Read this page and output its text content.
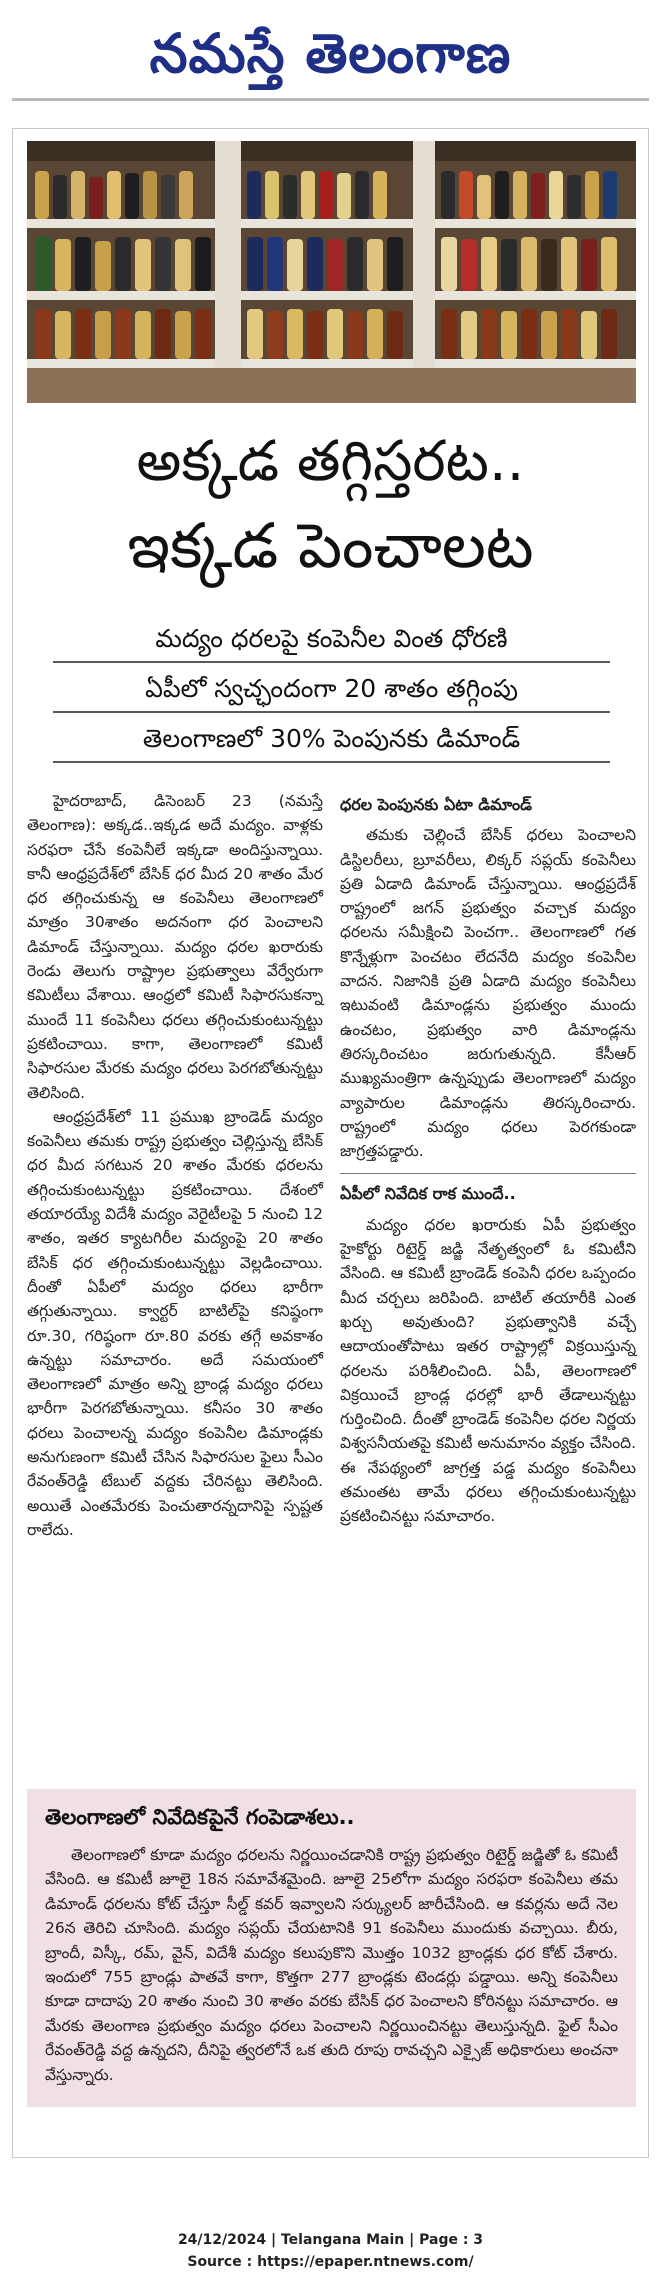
నమస్తే తెలంగాణ
అక్కడ తగ్గిస్తరట..
ఇక్కడ పెంచాలట
మద్యం ధరలపై కంపెనీల వింత ధోరణి
ఏపీలో స్వచ్ఛందంగా 20 శాతం తగ్గింపు
తెలంగాణలో 30% పెంపునకు డిమాండ్

హైదరాబాద్, డిసెంబర్ 23 (నమస్తే తెలంగాణ): అక్కడ..ఇక్కడ అదే మద్యం. వాళ్లకు సరఫరా చేసే కంపెనీలే ఇక్కడా అందిస్తున్నాయి. కానీ ఆంధ్రప్రదేశ్‌లో బేసిక్ ధర మీద 20 శాతం మేర ధర తగ్గించుకున్న ఆ కంపెనీలు తెలంగాణలో మాత్రం 30శాతం అదనంగా ధర పెంచాలని డిమాండ్ చేస్తున్నాయి. మద్యం ధరల ఖరారుకు రెండు తెలుగు రాష్ట్రాల ప్రభుత్వాలు వేర్వేరుగా కమిటీలు వేశాయి. ఆంధ్రలో కమిటీ సిఫారసుకన్నా ముందే 11 కంపెనీలు ధరలు తగ్గించుకుంటున్నట్టు ప్రకటించాయి. కాగా, తెలంగాణలో కమిటీ సిఫారసుల మేరకు మద్యం ధరలు పెరగబోతున్నట్టు తెలిసింది.

ఆంధ్రప్రదేశ్‌లో 11 ప్రముఖ బ్రాండెడ్ మద్యం కంపెనీలు తమకు రాష్ట్ర ప్రభుత్వం చెల్లిస్తున్న బేసిక్ ధర మీద సగటున 20 శాతం మేరకు ధరలను తగ్గించుకుంటున్నట్టు ప్రకటించాయి. దేశంలో తయారయ్యే విదేశీ మద్యం వెరైటీలపై 5 నుంచి 12 శాతం, ఇతర క్యాటగిరీల మద్యంపై 20 శాతం బేసిక్ ధర తగ్గించుకుంటున్నట్టు వెల్లడించాయి. దీంతో ఏపీలో మద్యం ధరలు భారీగా తగ్గుతున్నాయి. క్వార్టర్ బాటిల్‌పై కనిష్ఠంగా రూ.30, గరిష్ఠంగా రూ.80 వరకు తగ్గే అవకాశం ఉన్నట్టు సమాచారం. అదే సమయంలో తెలంగాణలో మాత్రం అన్ని బ్రాండ్ల మద్యం ధరలు భారీగా పెరగబోతున్నాయి. కనీసం 30 శాతం ధరలు పెంచాలన్న మద్యం కంపెనీల డిమాండ్లకు అనుగుణంగా కమిటీ చేసిన సిఫారసుల ఫైలు సీఎం రేవంత్‌రెడ్డి టేబుల్ వద్దకు చేరినట్టు తెలిసింది. అయితే ఎంతమేరకు పెంచుతారన్నదానిపై స్పష్టత రాలేదు.

ధరల పెంపునకు ఏటా డిమాండ్

తమకు చెల్లించే బేసిక్ ధరలు పెంచాలని డిస్టిలరీలు, బ్రూవరీలు, లిక్కర్ సప్లయ్ కంపెనీలు ప్రతి ఏడాది డిమాండ్ చేస్తున్నాయి. ఆంధ్రప్రదేశ్ రాష్ట్రంలో జగన్ ప్రభుత్వం వచ్చాక మద్యం ధరలను సమీక్షించి పెంచగా.. తెలంగాణలో గత కొన్నేళ్లుగా పెంచటం లేదనేది మద్యం కంపెనీల వాదన. నిజానికి ప్రతి ఏడాది మద్యం కంపెనీలు ఇటువంటి డిమాండ్లను ప్రభుత్వం ముందు ఉంచటం, ప్రభుత్వం వారి డిమాండ్లను తిరస్కరించటం జరుగుతున్నది. కేసీఆర్ ముఖ్యమంత్రిగా ఉన్నప్పుడు తెలంగాణలో మద్యం వ్యాపారుల డిమాండ్లను తిరస్కరించారు. రాష్ట్రంలో మద్యం ధరలు పెరగకుండా జాగ్రత్తపడ్డారు.

ఏపీలో నివేదిక రాక ముందే..

మద్యం ధరల ఖరారుకు ఏపీ ప్రభుత్వం హైకోర్టు రిటైర్డ్ జడ్జి నేతృత్వంలో ఓ కమిటీని వేసింది. ఆ కమిటీ బ్రాండెడ్ కంపెనీ ధరల ఒప్పందం మీద చర్చలు జరిపింది. బాటిల్ తయారీకి ఎంత ఖర్చు అవుతుంది? ప్రభుత్వానికి వచ్చే ఆదాయంతోపాటు ఇతర రాష్ట్రాల్లో విక్రయిస్తున్న ధరలను పరిశీలించింది. ఏపీ, తెలంగాణలో విక్రయించే బ్రాండ్ల ధరల్లో భారీ తేడాలున్నట్టు గుర్తించింది. దీంతో బ్రాండెడ్ కంపెనీల ధరల నిర్ణయ విశ్వసనీయతపై కమిటీ అనుమానం వ్యక్తం చేసింది. ఈ నేపథ్యంలో జాగ్రత్త పడ్డ మద్యం కంపెనీలు తమంతట తామే ధరలు తగ్గించుకుంటున్నట్టు ప్రకటించినట్టు సమాచారం.

తెలంగాణలో నివేదికపైనే గంపెడాశలు..

తెలంగాణలో కూడా మద్యం ధరలను నిర్ణయించడానికి రాష్ట్ర ప్రభుత్వం రిటైర్డ్ జడ్జితో ఓ కమిటీ వేసింది. ఆ కమిటీ జూలై 18న సమావేశమైంది. జూలై 25లోగా మద్యం సరఫరా కంపెనీలు తమ డిమాండ్ ధరలను కోట్ చేస్తూ సీల్డ్ కవర్ ఇవ్వాలని సర్క్యులర్ జారీచేసింది. ఆ కవర్లను అదే నెల 26న తెరిచి చూసింది. మద్యం సప్లయ్ చేయటానికి 91 కంపెనీలు ముందుకు వచ్చాయి. బీరు, బ్రాందీ, విస్కీ, రమ్, వైన్, విదేశీ మద్యం కలుపుకొని మొత్తం 1032 బ్రాండ్లకు ధర కోట్ చేశారు. ఇందులో 755 బ్రాండ్లు పాతవే కాగా, కొత్తగా 277 బ్రాండ్లకు టెండర్లు పడ్డాయి. అన్ని కంపెనీలు కూడా దాదాపు 20 శాతం నుంచి 30 శాతం వరకు బేసిక్ ధర పెంచాలని కోరినట్టు సమాచారం. ఆ మేరకు తెలంగాణ ప్రభుత్వం మద్యం ధరలు పెంచాలని నిర్ణయించినట్టు తెలుస్తున్నది. ఫైల్ సీఎం రేవంత్‌రెడ్డి వద్ద ఉన్నదని, దీనిపై త్వరలోనే ఒక తుది రూపు రావచ్చని ఎక్సైజ్ అధికారులు అంచనా వేస్తున్నారు.

24/12/2024 | Telangana Main | Page : 3
Source : https://epaper.ntnews.com/
